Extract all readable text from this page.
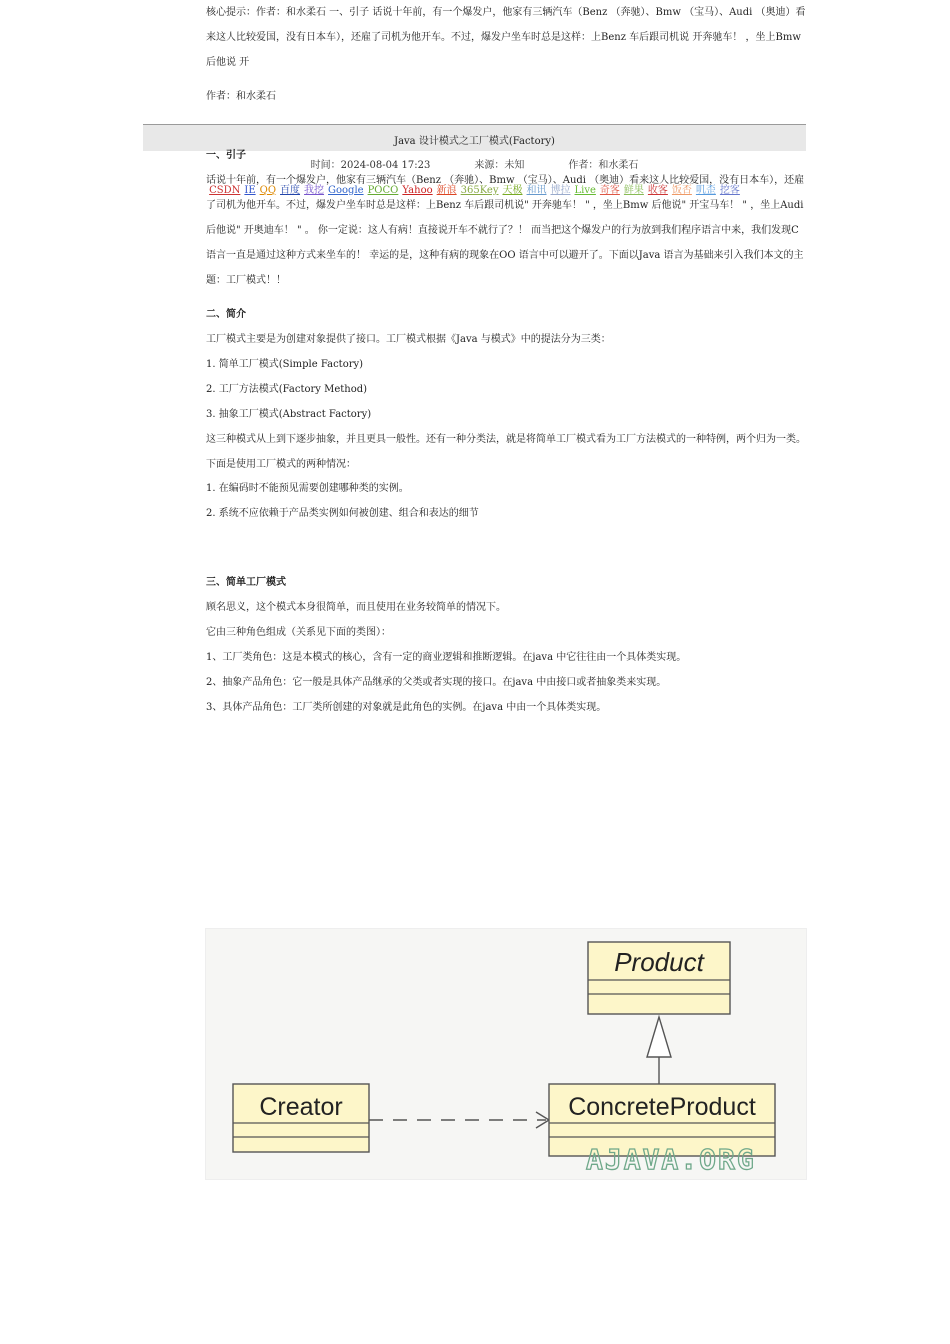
Java 设计模式之工厂模式(Factory)
时间：2024-08-04 17:23	来源：未知	作者：和水柔石
CSDN IE QQ 百度 我挖 Google POCO Yahoo 新浪 365Key 天极 和讯 博拉 Live 奇客 鲜果 收客 饭否 叽歪 挖客

核心提示：作者：和水柔石 一、引子 话说十年前，有一个爆发户，他家有三辆汽车（Benz （奔驰）、Bmw （宝马）、Audi （奥迪）看来这人比较爱国，没有日本车），还雇了司机为他开车。不过，爆发户坐车时总是这样：上Benz 车后跟司机说 开奔驰车！ ，坐上Bmw 后他说 开

作者：和水柔石

一、引子

话说十年前，有一个爆发户，他家有三辆汽车（Benz （奔驰）、Bmw （宝马）、Audi （奥迪）看来这人比较爱国，没有日本车），还雇了司机为他开车。不过，爆发户坐车时总是这样：上Benz 车后跟司机说" 开奔驰车！ " ，坐上Bmw 后他说" 开宝马车！ " ，坐上Audi 后他说" 开奥迪车！ " 。 你一定说：这人有病！直接说开车不就行了？！ 而当把这个爆发户的行为放到我们程序语言中来，我们发现C 语言一直是通过这种方式来坐车的！ 幸运的是，这种有病的现象在OO 语言中可以避开了。下面以Java 语言为基础来引入我们本文的主题：工厂模式！！

二、简介

工厂模式主要是为创建对象提供了接口。工厂模式根据《Java 与模式》中的提法分为三类：

1. 简单工厂模式(Simple Factory)

2. 工厂方法模式(Factory Method)

3. 抽象工厂模式(Abstract Factory)

这三种模式从上到下逐步抽象，并且更具一般性。还有一种分类法，就是将简单工厂模式看为工厂方法模式的一种特例，两个归为一类。下面是使用工厂模式的两种情况：

1. 在编码时不能预见需要创建哪种类的实例。

2. 系统不应依赖于产品类实例如何被创建、组合和表达的细节

三、简单工厂模式

顾名思义，这个模式本身很简单，而且使用在业务较简单的情况下。

它由三种角色组成（关系见下面的类图）：

1、工厂类角色：这是本模式的核心，含有一定的商业逻辑和推断逻辑。在java 中它往往由一个具体类实现。

2、抽象产品角色：它一般是具体产品继承的父类或者实现的接口。在java 中由接口或者抽象类来实现。

3、具体产品角色：工厂类所创建的对象就是此角色的实例。在java 中由一个具体类实现。

Product
Creator	ConcreteProduct
AJAVA.ORG
